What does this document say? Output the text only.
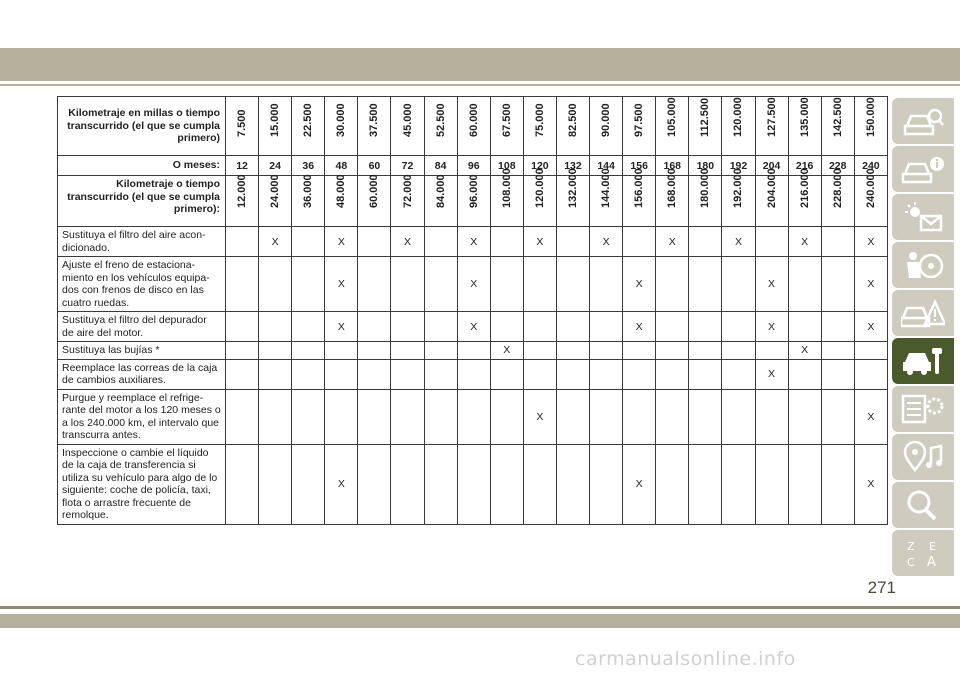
Kilometraje en millas o tiempo transcurrido (el que se cumpla primero)	7.500	15.000	22.500	30.000	37.500	45.000	52.500	60.000	67.500	75.000	82.500	90.000	97.500	105.000	112.500	120.000	127.500	135.000	142.500	150.000

O meses:	12	24	36	48	60	72	84	96	108	120	132	144	156	168	180	192	204	216	228	240
Kilometraje o tiempo transcurrido (el que se cumpla primero):	12.000	24.000	36.000	48.000	60.000	72.000	84.000	96.000	108.000	120.000	132.000	144.000	156.000	168.000	180.000	192.000	204.000	216.000	228.000	240.000

Sustituya el filtro del aire acon-dicionado.		X		X		X		X		X		X		X		X		X		X
Ajuste el freno de estaciona-miento en los vehículos equipa-dos con frenos de disco en las cuatro ruedas.				X				X					X				X			X
Sustituya el filtro del depurador de aire del motor.				X				X					X				X			X
Sustituya las bujías *									X									X		
Reemplace las correas de la caja de cambios auxiliares.																	X			
Purgue y reemplace el refrige-rante del motor a los 120 meses o a los 240.000 km, el intervalo que transcurra antes.										X										X
Inspeccione o cambie el líquido de la caja de transferencia si utiliza su vehículo para algo de lo siguiente: coche de policía, taxi, flota o arrastre frecuente de remolque.				X									X							X
Z E
C A
271
carmanualsonline.info
